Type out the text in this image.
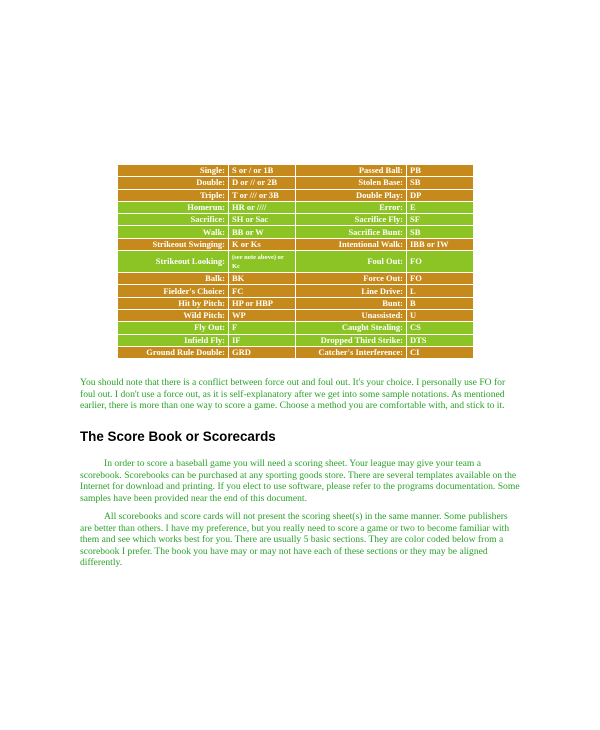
Single:	S or / or 1B	Passed Ball:	PB
Double:	D or // or 2B	Stolen Base:	SB
Triple:	T or /// or 3B	Double Play:	DP
Homerun:	HR or ////	Error:	E
Sacrifice:	SH or Sac	Sacrifice Fly:	SF
Walk:	BB or W	Sacrifice Bunt:	SB
Strikeout Swinging:	K or Ks	Intentional Walk:	IBB or IW
Strikeout Looking:	(see note above) or Kc	Foul Out:	FO
Balk:	BK	Force Out:	FO
Fielder's Choice:	FC	Line Drive:	L
Hit by Pitch:	HP or HBP	Bunt:	B
Wild Pitch:	WP	Unassisted:	U
Fly Out:	F	Caught Stealing:	CS
Infield Fly:	IF	Dropped Third Strike:	DTS
Ground Rule Double:	GRD	Catcher's Interference:	CI

You should note that there is a conflict between force out and foul out. It's your choice. I personally use FO for foul out. I don't use a force out, as it is self-explanatory after we get into some sample notations. As mentioned earlier, there is more than one way to score a game. Choose a method you are comfortable with, and stick to it.

The Score Book or Scorecards

In order to score a baseball game you will need a scoring sheet. Your league may give your team a scorebook. Scorebooks can be purchased at any sporting goods store. There are several templates available on the Internet for download and printing. If you elect to use software, please refer to the programs documentation. Some samples have been provided near the end of this document.

All scorebooks and score cards will not present the scoring sheet(s) in the same manner. Some publishers are better than others. I have my preference, but you really need to score a game or two to become familiar with them and see which works best for you. There are usually 5 basic sections. They are color coded below from a scorebook I prefer. The book you have may or may not have each of these sections or they may be aligned differently.
